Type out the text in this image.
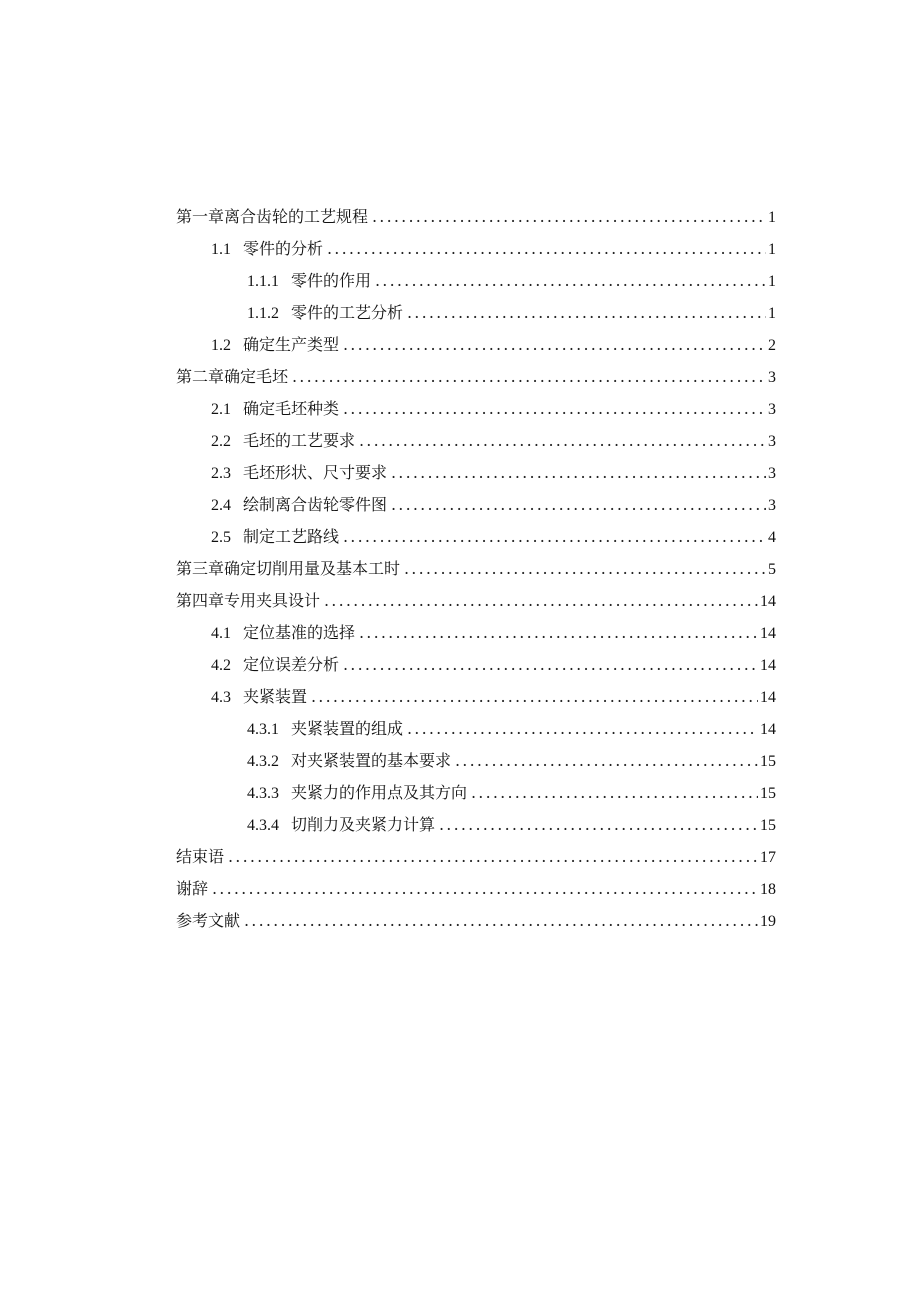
第一章离合齿轮的工艺规程 .....	1
1.1 零件的分析 .....	1
1.1.1 零件的作用 .....	1
1.1.2 零件的工艺分析 .....	1
1.2 确定生产类型 .....	2
第二章确定毛坯 .....	3
2.1 确定毛坯种类 .....	3
2.2 毛坯的工艺要求 .....	3
2.3 毛坯形状、尺寸要求 .....	3
2.4 绘制离合齿轮零件图 .....	3
2.5 制定工艺路线 .....	4
第三章确定切削用量及基本工时 .....	5
第四章专用夹具设计 .....	14
4.1 定位基准的选择 .....	14
4.2 定位误差分析 .....	14
4.3 夹紧装置 .....	14
4.3.1 夹紧装置的组成 .....	14
4.3.2 对夹紧装置的基本要求 .....	15
4.3.3 夹紧力的作用点及其方向 .....	15
4.3.4 切削力及夹紧力计算 .....	15
结束语 .....	17
谢辞 .....	18
参考文献 .....	19
